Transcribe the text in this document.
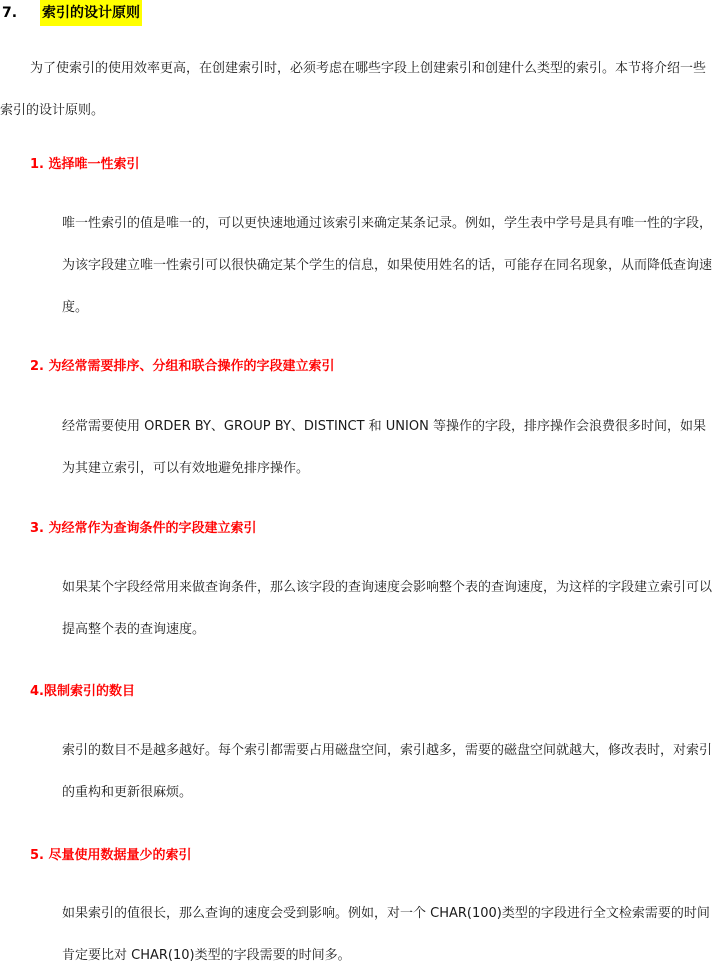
7. 索引的设计原则

为了使索引的使用效率更高，在创建索引时，必须考虑在哪些字段上创建索引和创建什么类型的索引。本节将介绍一些索引的设计原则。

1. 选择唯一性索引

唯一性索引的值是唯一的，可以更快速地通过该索引来确定某条记录。例如，学生表中学号是具有唯一性的字段，为该字段建立唯一性索引可以很快确定某个学生的信息，如果使用姓名的话，可能存在同名现象，从而降低查询速度。

2. 为经常需要排序、分组和联合操作的字段建立索引

经常需要使用 ORDER BY、GROUP BY、DISTINCT 和 UNION 等操作的字段，排序操作会浪费很多时间，如果为其建立索引，可以有效地避免排序操作。

3. 为经常作为查询条件的字段建立索引

如果某个字段经常用来做查询条件，那么该字段的查询速度会影响整个表的查询速度，为这样的字段建立索引可以提高整个表的查询速度。

4.限制索引的数目

索引的数目不是越多越好。每个索引都需要占用磁盘空间，索引越多，需要的磁盘空间就越大，修改表时，对索引的重构和更新很麻烦。

5. 尽量使用数据量少的索引

如果索引的值很长，那么查询的速度会受到影响。例如，对一个 CHAR(100)类型的字段进行全文检索需要的时间肯定要比对 CHAR(10)类型的字段需要的时间多。
